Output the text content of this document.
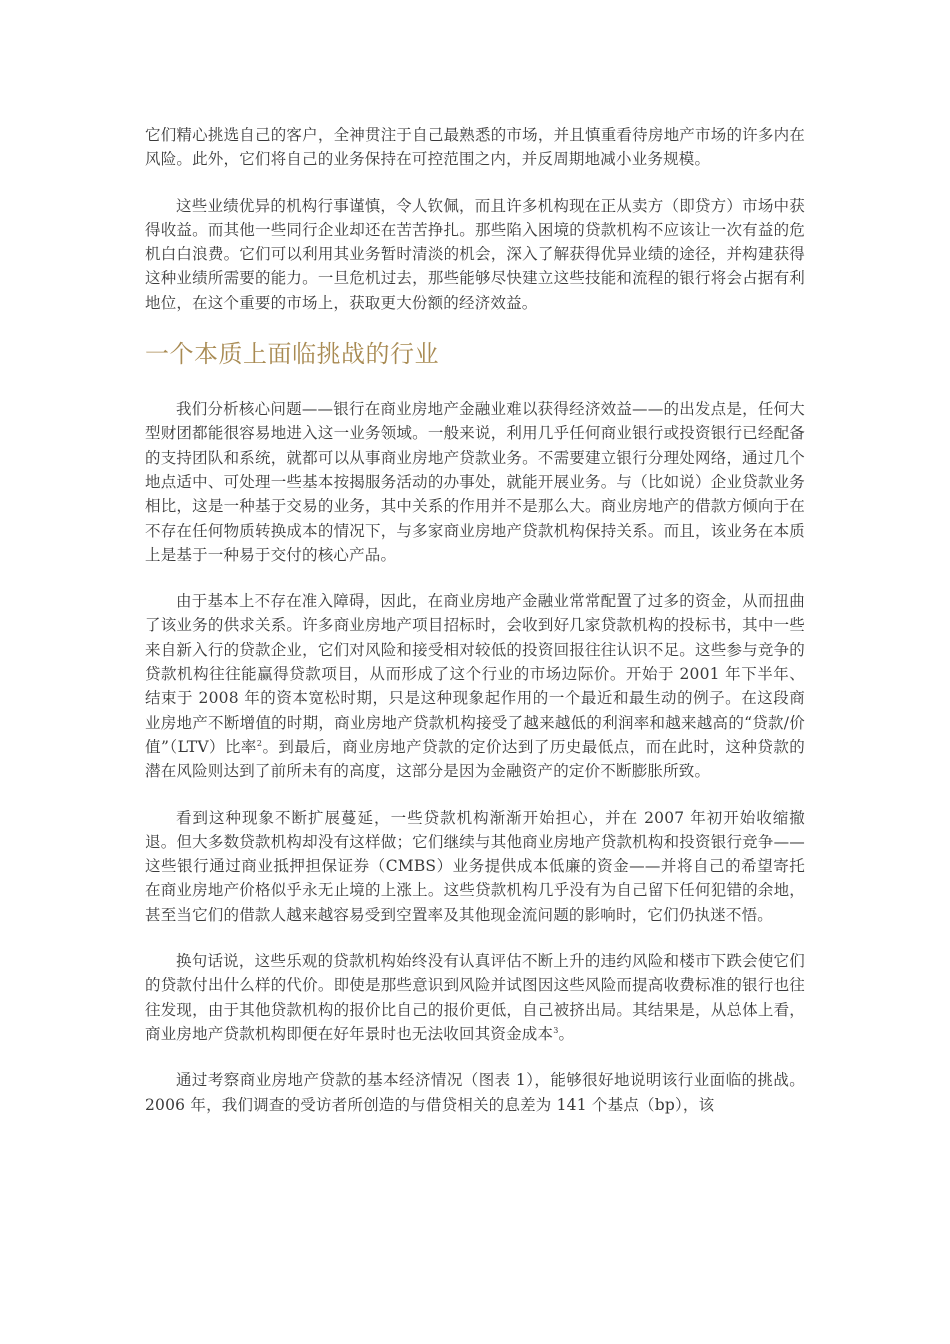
它们精心挑选自己的客户，全神贯注于自己最熟悉的市场，并且慎重看待房地产市场的许多内在风险。此外，它们将自己的业务保持在可控范围之内，并反周期地减小业务规模。

这些业绩优异的机构行事谨慎，令人钦佩，而且许多机构现在正从卖方（即贷方）市场中获得收益。而其他一些同行企业却还在苦苦挣扎。那些陷入困境的贷款机构不应该让一次有益的危机白白浪费。它们可以利用其业务暂时清淡的机会，深入了解获得优异业绩的途径，并构建获得这种业绩所需要的能力。一旦危机过去，那些能够尽快建立这些技能和流程的银行将会占据有利地位，在这个重要的市场上，获取更大份额的经济效益。

一个本质上面临挑战的行业

我们分析核心问题——银行在商业房地产金融业难以获得经济效益——的出发点是，任何大型财团都能很容易地进入这一业务领域。一般来说，利用几乎任何商业银行或投资银行已经配备的支持团队和系统，就都可以从事商业房地产贷款业务。不需要建立银行分理处网络，通过几个地点适中、可处理一些基本按揭服务活动的办事处，就能开展业务。与（比如说）企业贷款业务相比，这是一种基于交易的业务，其中关系的作用并不是那么大。商业房地产的借款方倾向于在不存在任何物质转换成本的情况下，与多家商业房地产贷款机构保持关系。而且，该业务在本质上是基于一种易于交付的核心产品。

由于基本上不存在准入障碍，因此，在商业房地产金融业常常配置了过多的资金，从而扭曲了该业务的供求关系。许多商业房地产项目招标时，会收到好几家贷款机构的投标书，其中一些来自新入行的贷款企业，它们对风险和接受相对较低的投资回报往往认识不足。这些参与竞争的贷款机构往往能赢得贷款项目，从而形成了这个行业的市场边际价。开始于 2001 年下半年、结束于 2008 年的资本宽松时期，只是这种现象起作用的一个最近和最生动的例子。在这段商业房地产不断增值的时期，商业房地产贷款机构接受了越来越低的利润率和越来越高的“贷款/价值”（LTV）比率$^2$。到最后，商业房地产贷款的定价达到了历史最低点，而在此时，这种贷款的潜在风险则达到了前所未有的高度，这部分是因为金融资产的定价不断膨胀所致。

看到这种现象不断扩展蔓延，一些贷款机构渐渐开始担心，并在 2007 年初开始收缩撤退。但大多数贷款机构却没有这样做；它们继续与其他商业房地产贷款机构和投资银行竞争——这些银行通过商业抵押担保证券（CMBS）业务提供成本低廉的资金——并将自己的希望寄托在商业房地产价格似乎永无止境的上涨上。这些贷款机构几乎没有为自己留下任何犯错的余地，甚至当它们的借款人越来越容易受到空置率及其他现金流问题的影响时，它们仍执迷不悟。

换句话说，这些乐观的贷款机构始终没有认真评估不断上升的违约风险和楼市下跌会使它们的贷款付出什么样的代价。即使是那些意识到风险并试图因这些风险而提高收费标准的银行也往往发现，由于其他贷款机构的报价比自己的报价更低，自己被挤出局。其结果是，从总体上看，商业房地产贷款机构即便在好年景时也无法收回其资金成本$^3$。

通过考察商业房地产贷款的基本经济情况（图表 1），能够很好地说明该行业面临的挑战。2006 年，我们调查的受访者所创造的与借贷相关的息差为 141 个基点（bp），该
